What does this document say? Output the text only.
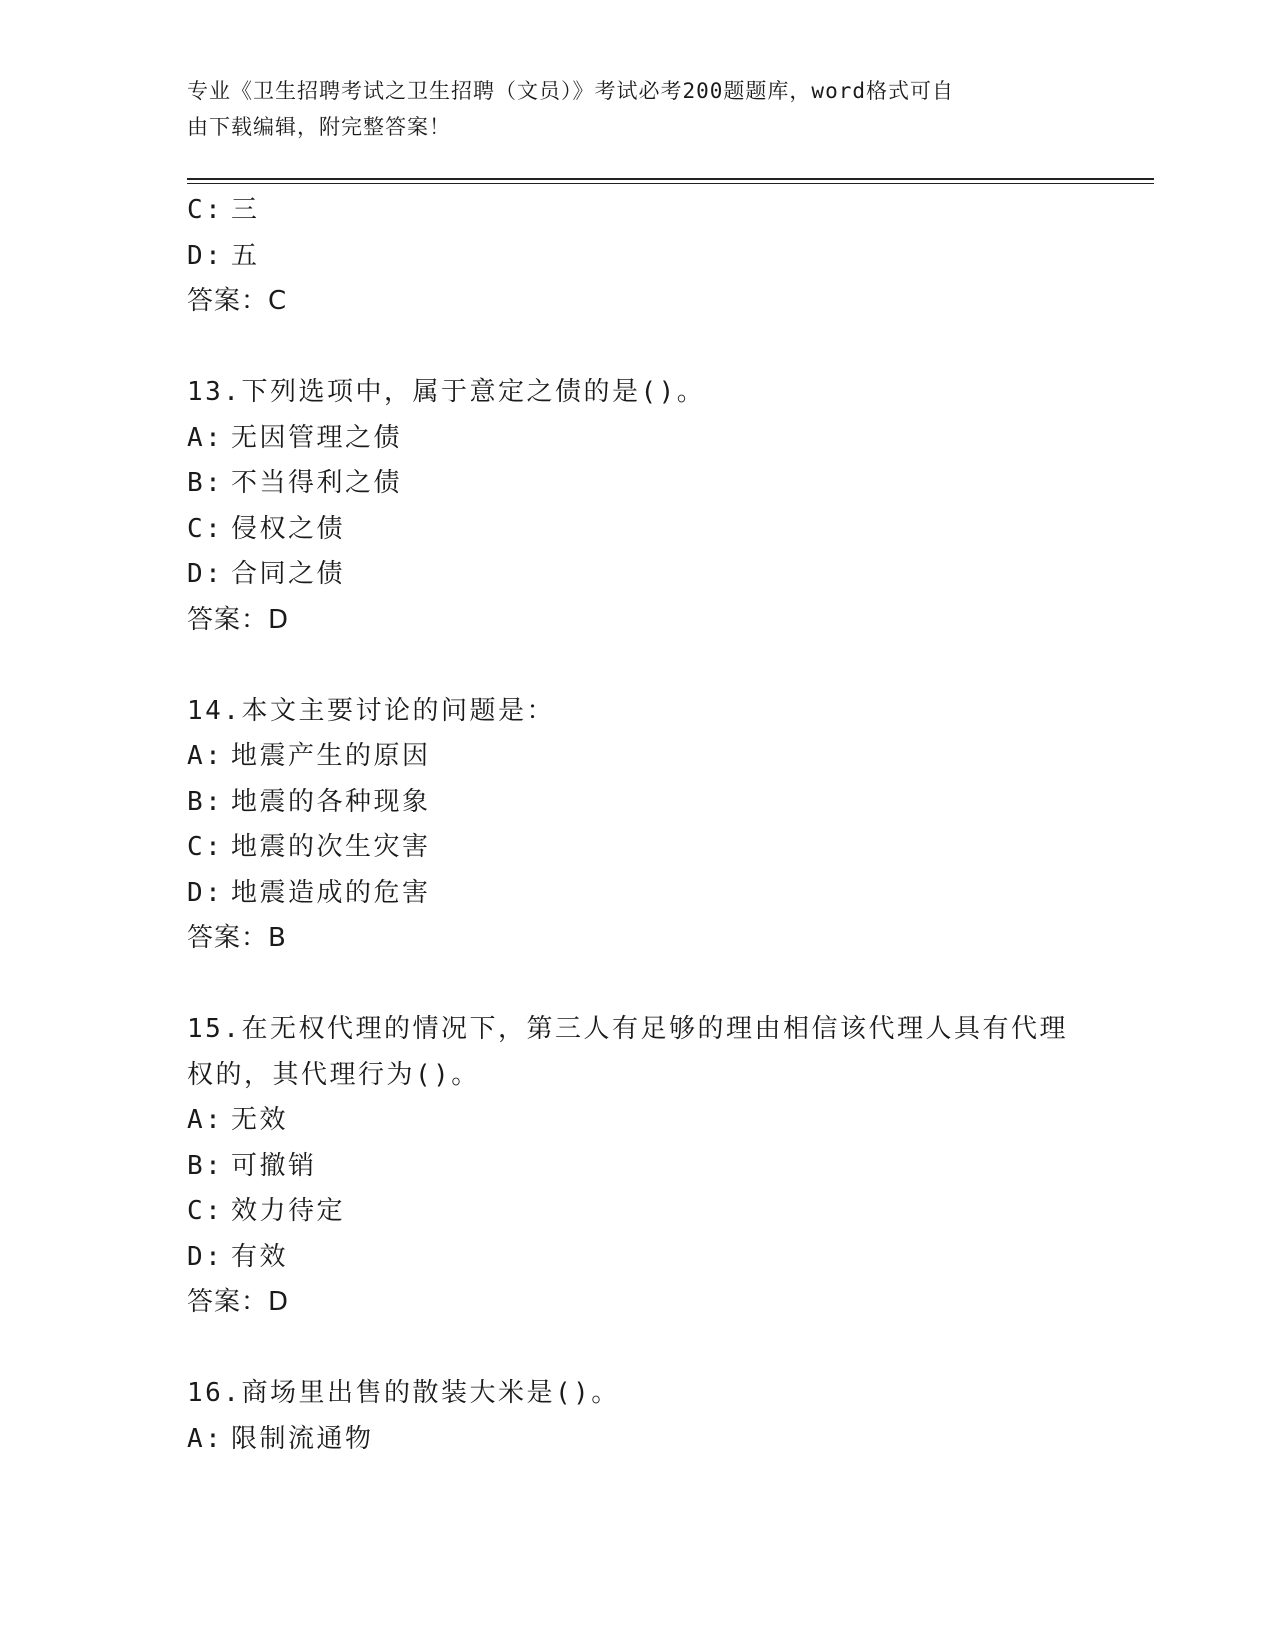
专业《卫生招聘考试之卫生招聘（文员）》考试必考200题题库，word格式可自
由下载编辑，附完整答案！
C: 三
D: 五
答案：C
13.下列选项中，属于意定之债的是()。
A: 无因管理之债
B: 不当得利之债
C: 侵权之债
D: 合同之债
答案：D
14.本文主要讨论的问题是：
A: 地震产生的原因
B: 地震的各种现象
C: 地震的次生灾害
D: 地震造成的危害
答案：B
15.在无权代理的情况下，第三人有足够的理由相信该代理人具有代理
权的，其代理行为()。
A: 无效
B: 可撤销
C: 效力待定
D: 有效
答案：D
16.商场里出售的散装大米是()。
A: 限制流通物
